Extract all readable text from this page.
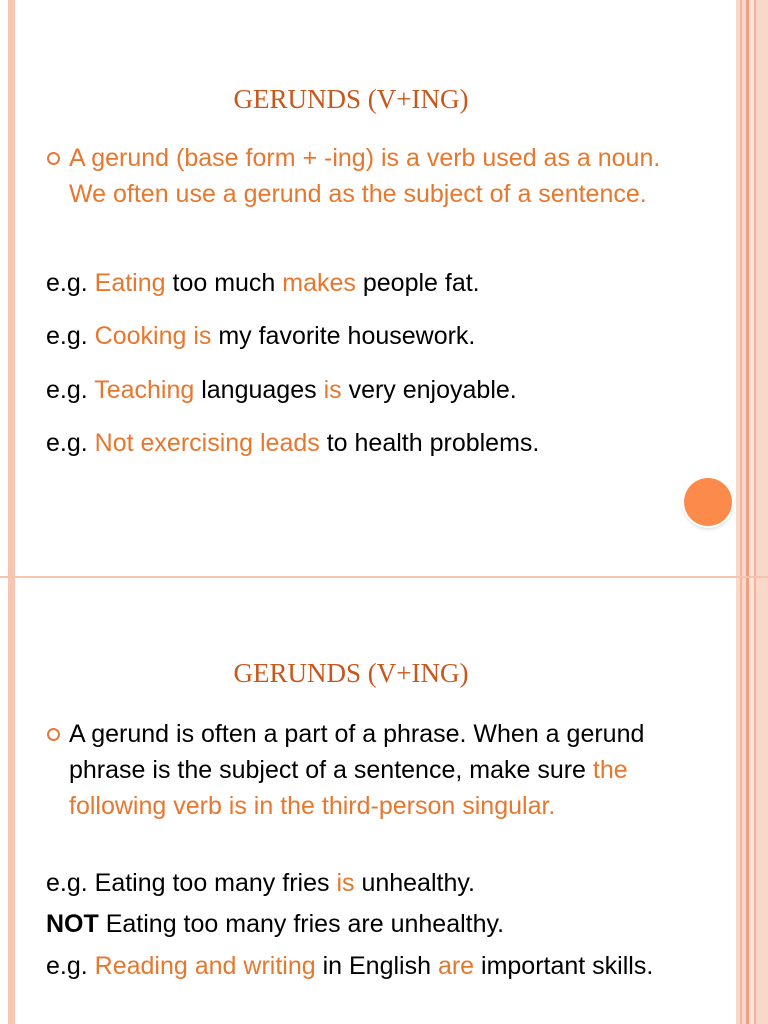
GERUNDS (V+ING)
A gerund (base form + -ing) is a verb used as a noun. We often use a gerund as the subject of a sentence.

e.g. Eating too much makes people fat.

e.g. Cooking is my favorite housework.

e.g. Teaching languages is very enjoyable.

e.g. Not exercising leads to health problems.

GERUNDS (V+ING)
A gerund is often a part of a phrase. When a gerund phrase is the subject of a sentence, make sure the following verb is in the third-person singular.

e.g. Eating too many fries is unhealthy.

NOT Eating too many fries are unhealthy.

e.g. Reading and writing in English are important skills.
